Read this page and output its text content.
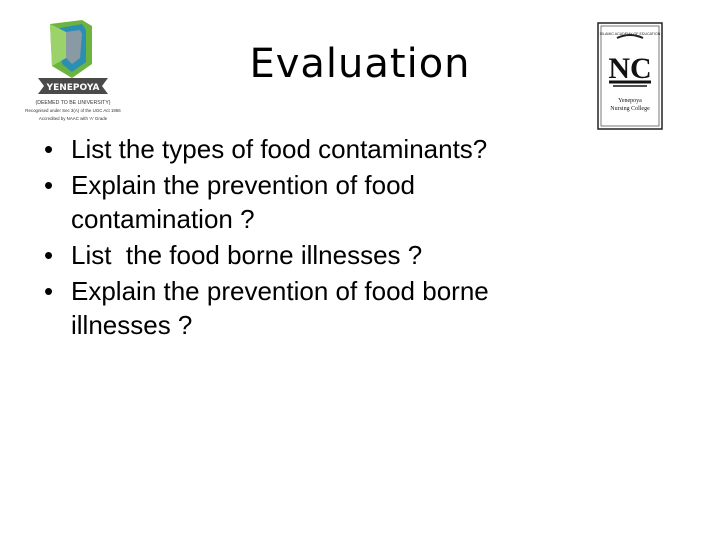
YENEPOYA
(DEEMED TO BE UNIVERSITY)
Recognised under Sec 3(A) of the UGC Act 1956
Accredited by NAAC with 'A' Grade
ISLAMIC ACADEMY OF EDUCATION
NC
Yenepoya
Nursing College
Evaluation
• List the types of food contaminants?
• Explain the prevention of food contamination ?
• List  the food borne illnesses ?
• Explain the prevention of food borne illnesses ?
